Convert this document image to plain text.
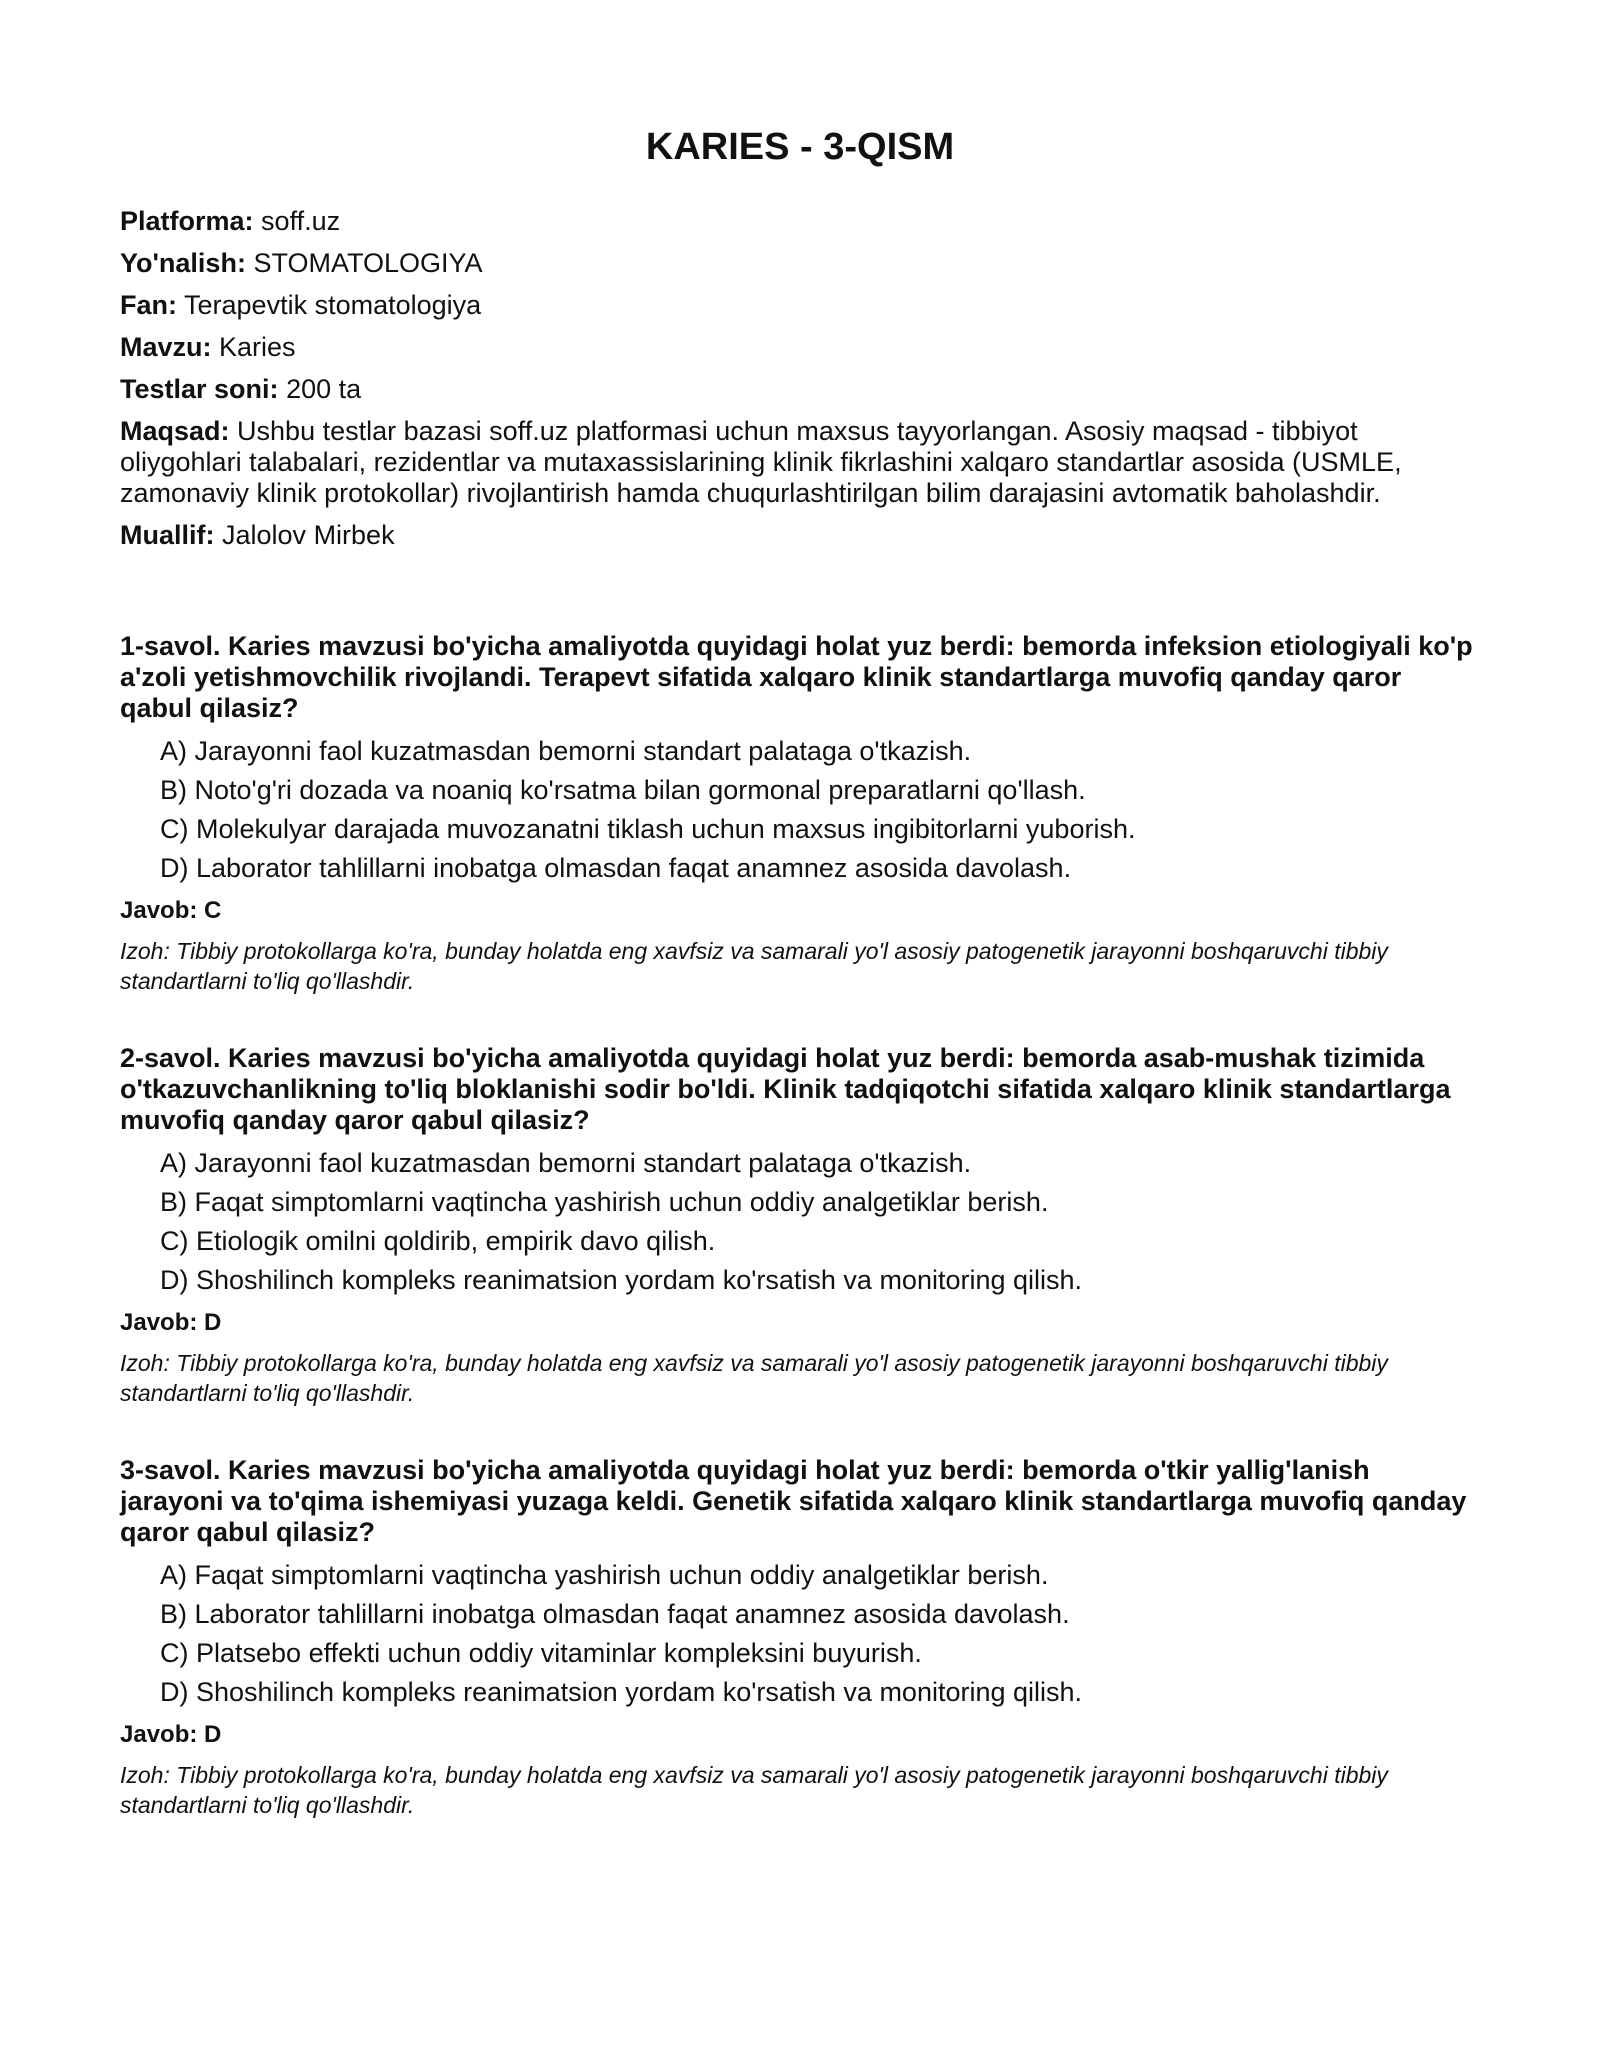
KARIES - 3-QISM

Platforma: soff.uz

Yo'nalish: STOMATOLOGIYA

Fan: Terapevtik stomatologiya

Mavzu: Karies

Testlar soni: 200 ta

Maqsad: Ushbu testlar bazasi soff.uz platformasi uchun maxsus tayyorlangan. Asosiy maqsad - tibbiyot oliygohlari talabalari, rezidentlar va mutaxassislarining klinik fikrlashini xalqaro standartlar asosida (USMLE, zamonaviy klinik protokollar) rivojlantirish hamda chuqurlashtirilgan bilim darajasini avtomatik baholashdir.

Muallif: Jalolov Mirbek

1-savol. Karies mavzusi bo'yicha amaliyotda quyidagi holat yuz berdi: bemorda infeksion etiologiyali ko'p a'zoli yetishmovchilik rivojlandi. Terapevt sifatida xalqaro klinik standartlarga muvofiq qanday qaror qabul qilasiz?

A) Jarayonni faol kuzatmasdan bemorni standart palataga o'tkazish.
B) Noto'g'ri dozada va noaniq ko'rsatma bilan gormonal preparatlarni qo'llash.
C) Molekulyar darajada muvozanatni tiklash uchun maxsus ingibitorlarni yuborish.
D) Laborator tahlillarni inobatga olmasdan faqat anamnez asosida davolash.

Javob: C

Izoh: Tibbiy protokollarga ko'ra, bunday holatda eng xavfsiz va samarali yo'l asosiy patogenetik jarayonni boshqaruvchi tibbiy standartlarni to'liq qo'llashdir.

2-savol. Karies mavzusi bo'yicha amaliyotda quyidagi holat yuz berdi: bemorda asab-mushak tizimida o'tkazuvchanlikning to'liq bloklanishi sodir bo'ldi. Klinik tadqiqotchi sifatida xalqaro klinik standartlarga muvofiq qanday qaror qabul qilasiz?

A) Jarayonni faol kuzatmasdan bemorni standart palataga o'tkazish.
B) Faqat simptomlarni vaqtincha yashirish uchun oddiy analgetiklar berish.
C) Etiologik omilni qoldirib, empirik davo qilish.
D) Shoshilinch kompleks reanimatsion yordam ko'rsatish va monitoring qilish.

Javob: D

Izoh: Tibbiy protokollarga ko'ra, bunday holatda eng xavfsiz va samarali yo'l asosiy patogenetik jarayonni boshqaruvchi tibbiy standartlarni to'liq qo'llashdir.

3-savol. Karies mavzusi bo'yicha amaliyotda quyidagi holat yuz berdi: bemorda o'tkir yallig'lanish jarayoni va to'qima ishemiyasi yuzaga keldi. Genetik sifatida xalqaro klinik standartlarga muvofiq qanday qaror qabul qilasiz?

A) Faqat simptomlarni vaqtincha yashirish uchun oddiy analgetiklar berish.
B) Laborator tahlillarni inobatga olmasdan faqat anamnez asosida davolash.
C) Platsebo effekti uchun oddiy vitaminlar kompleksini buyurish.
D) Shoshilinch kompleks reanimatsion yordam ko'rsatish va monitoring qilish.

Javob: D

Izoh: Tibbiy protokollarga ko'ra, bunday holatda eng xavfsiz va samarali yo'l asosiy patogenetik jarayonni boshqaruvchi tibbiy standartlarni to'liq qo'llashdir.
